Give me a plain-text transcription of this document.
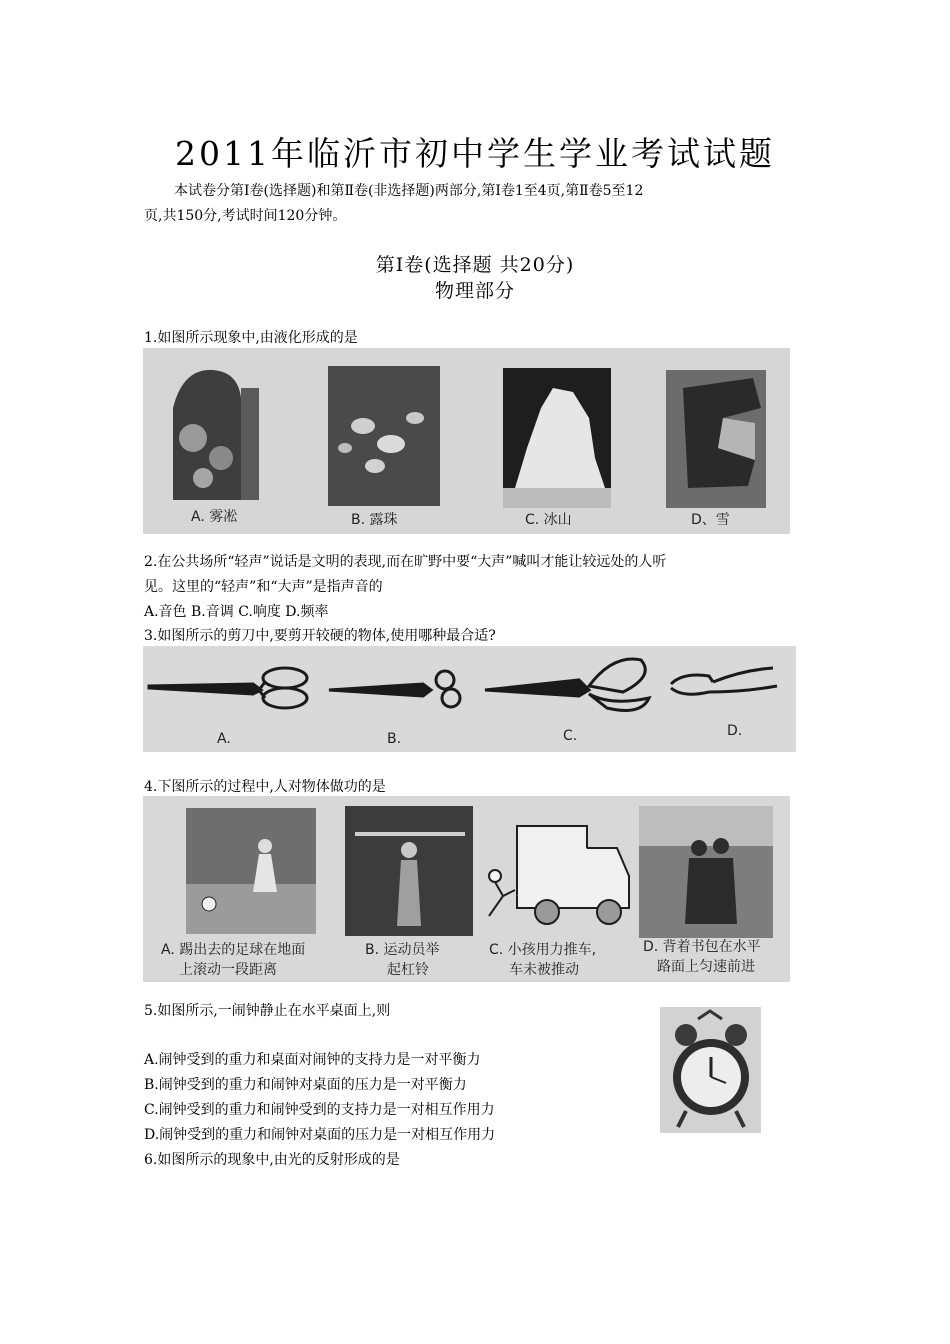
2011年临沂市初中学生学业考试试题
本试卷分第Ⅰ卷(选择题)和第Ⅱ卷(非选择题)两部分,第Ⅰ卷1至4页,第Ⅱ卷5至12
页,共150分,考试时间120分钟。
第Ⅰ卷(选择题 共20分)
物理部分
1.如图所示现象中,由液化形成的是
A. 雾凇	B. 露珠	C. 冰山	D、雪
2.在公共场所“轻声”说话是文明的表现,而在旷野中要“大声”喊叫才能让较远处的人听
见。这里的“轻声”和“大声”是指声音的
A.音色 B.音调 C.响度 D.频率
3.如图所示的剪刀中,要剪开较硬的物体,使用哪种最合适?
A.	B.	C.	D.
4.下图所示的过程中,人对物体做功的是
A. 踢出去的足球在地面
上滚动一段距离
B. 运动员举
起杠铃
C. 小孩用力推车,
车未被推动
D. 背着书包在水平
路面上匀速前进
5.如图所示,一闹钟静止在水平桌面上,则
A.闹钟受到的重力和桌面对闹钟的支持力是一对平衡力
B.闹钟受到的重力和闹钟对桌面的压力是一对平衡力
C.闹钟受到的重力和闹钟受到的支持力是一对相互作用力
D.闹钟受到的重力和闹钟对桌面的压力是一对相互作用力
6.如图所示的现象中,由光的反射形成的是
